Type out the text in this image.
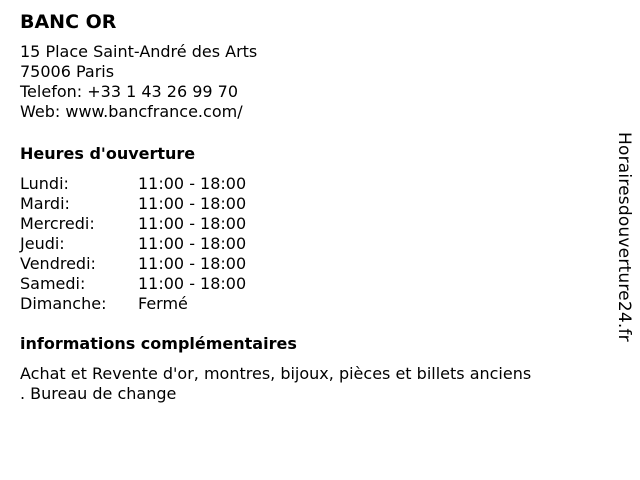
BANC OR
15 Place Saint-André des Arts
75006 Paris
Telefon: +33 1 43 26 99 70
Web: www.bancfrance.com/
Heures d'ouverture
Lundi:	11:00 - 18:00
Mardi:	11:00 - 18:00
Mercredi:	11:00 - 18:00
Jeudi:	11:00 - 18:00
Vendredi:	11:00 - 18:00
Samedi:	11:00 - 18:00
Dimanche:	Fermé
informations complémentaires
Achat et Revente d'or, montres, bijoux, pièces et billets anciens
. Bureau de change
Horairesdouverture24.fr
